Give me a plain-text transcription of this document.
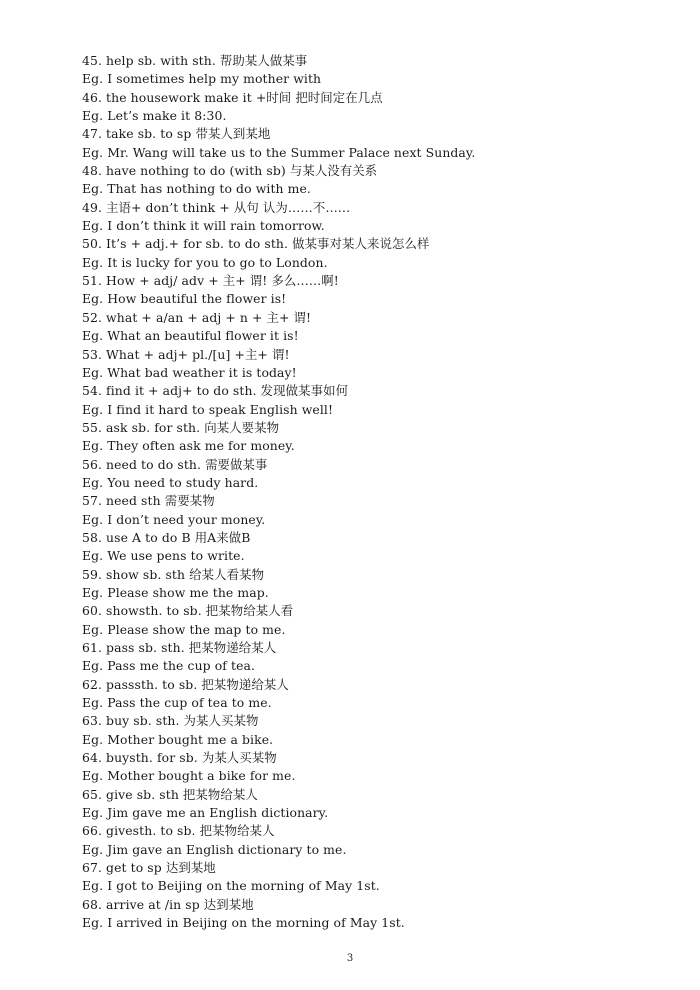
45. help sb. with sth. 帮助某人做某事
Eg. I sometimes help my mother with
46. the housework make it +时间 把时间定在几点
Eg. Let’s make it 8:30.
47. take sb. to sp 带某人到某地
Eg. Mr. Wang will take us to the Summer Palace next Sunday.
48. have nothing to do (with sb) 与某人没有关系
Eg. That has nothing to do with me.
49. 主语+ don’t think + 从句 认为……不……
Eg. I don’t think it will rain tomorrow.
50. It’s + adj.+ for sb. to do sth. 做某事对某人来说怎么样
Eg. It is lucky for you to go to London.
51. How + adj/ adv + 主+ 谓! 多么……啊!
Eg. How beautiful the flower is!
52. what + a/an + adj + n + 主+ 谓!
Eg. What an beautiful flower it is!
53. What + adj+ pl./[u] +主+ 谓!
Eg. What bad weather it is today!
54. find it + adj+ to do sth. 发现做某事如何
Eg. I find it hard to speak English well!
55. ask sb. for sth. 向某人要某物
Eg. They often ask me for money.
56. need to do sth. 需要做某事
Eg. You need to study hard.
57. need sth 需要某物
Eg. I don’t need your money.
58. use A to do B 用A来做B
Eg. We use pens to write.
59. show sb. sth 给某人看某物
Eg. Please show me the map.
60. showsth. to sb. 把某物给某人看
Eg. Please show the map to me.
61. pass sb. sth. 把某物递给某人
Eg. Pass me the cup of tea.
62. passsth. to sb. 把某物递给某人
Eg. Pass the cup of tea to me.
63. buy sb. sth. 为某人买某物
Eg. Mother bought me a bike.
64. buysth. for sb. 为某人买某物
Eg. Mother bought a bike for me.
65. give sb. sth 把某物给某人
Eg. Jim gave me an English dictionary.
66. givesth. to sb. 把某物给某人
Eg. Jim gave an English dictionary to me.
67. get to sp 达到某地
Eg. I got to Beijing on the morning of May 1st.
68. arrive at /in sp 达到某地
Eg. I arrived in Beijing on the morning of May 1st.
3
